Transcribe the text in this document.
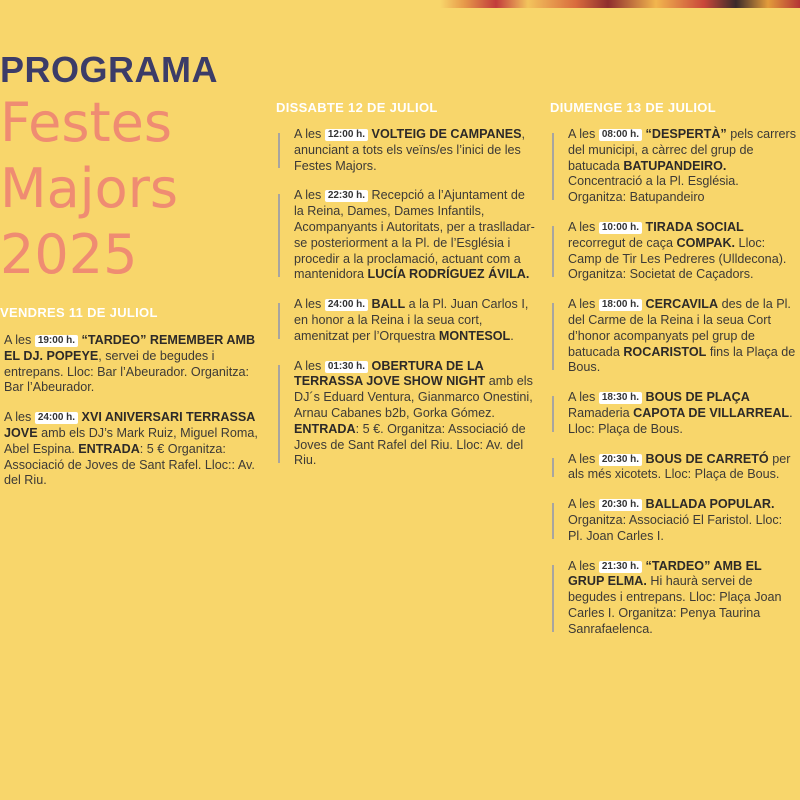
PROGRAMA
Festes
Majors
2025
VENDRES 11 DE JULIOL
DISSABTE 12 DE JULIOL	DIUMENGE 13 DE JULIOL
A les 19:00 h. “TARDEO” REMEMBER AMB EL DJ. POPEYE, servei de begudes i entrepans. Lloc: Bar l’Abeurador. Organitza: Bar l’Abeurador.
A les 24:00 h. XVI ANIVERSARI TERRASSA JOVE amb els DJ’s Mark Ruiz, Miguel Roma, Abel Espina. ENTRADA: 5 € Organitza: Associació de Joves de Sant Rafel. Lloc:: Av. del Riu.
A les 12:00 h. VOLTEIG DE CAMPANES, anunciant a tots els veïns/es l’inici de les Festes Majors.
A les 22:30 h. Recepció a l’Ajuntament de la Reina, Dames, Dames Infantils, Acompanyants i Autoritats, per a traslladar-se posteriorment a la Pl. de l’Església i procedir a la proclamació, actuant com a mantenidora LUCÍA RODRÍGUEZ ÁVILA.
A les 24:00 h. BALL a la Pl. Juan Carlos I, en honor a la Reina i la seua cort, amenitzat per l’Orquestra MONTESOL.
A les 01:30 h. OBERTURA DE LA TERRASSA JOVE SHOW NIGHT amb els DJ´s Eduard Ventura, Gianmarco Onestini, Arnau Cabanes b2b, Gorka Gómez. ENTRADA: 5 €. Organitza: Associació de Joves de Sant Rafel del Riu. Lloc: Av. del Riu.
A les 08:00 h. “DESPERTÀ” pels carrers del municipi, a càrrec del grup de batucada BATUPANDEIRO. Concentració a la Pl. Església. Organitza: Batupandeiro
A les 10:00 h. TIRADA SOCIAL recorregut de caça COMPAK. Lloc: Camp de Tir Les Pedreres (Ulldecona). Organitza: Societat de Caçadors.
A les 18:00 h. CERCAVILA des de la Pl. del Carme de la Reina i la seua Cort d’honor acompanyats pel grup de batucada ROCARISTOL fins la Plaça de Bous.
A les 18:30 h. BOUS DE PLAÇA Ramaderia CAPOTA DE VILLARREAL. Lloc: Plaça de Bous.
A les 20:30 h. BOUS DE CARRETÓ per als més xicotets. Lloc: Plaça de Bous.
A les 20:30 h. BALLADA POPULAR. Organitza: Associació El Faristol. Lloc: Pl. Joan Carles I.
A les 21:30 h. “TARDEO” AMB EL GRUP ELMA. Hi haurà servei de begudes i entrepans. Lloc: Plaça Joan Carles I. Organitza: Penya Taurina Sanrafaelenca.
